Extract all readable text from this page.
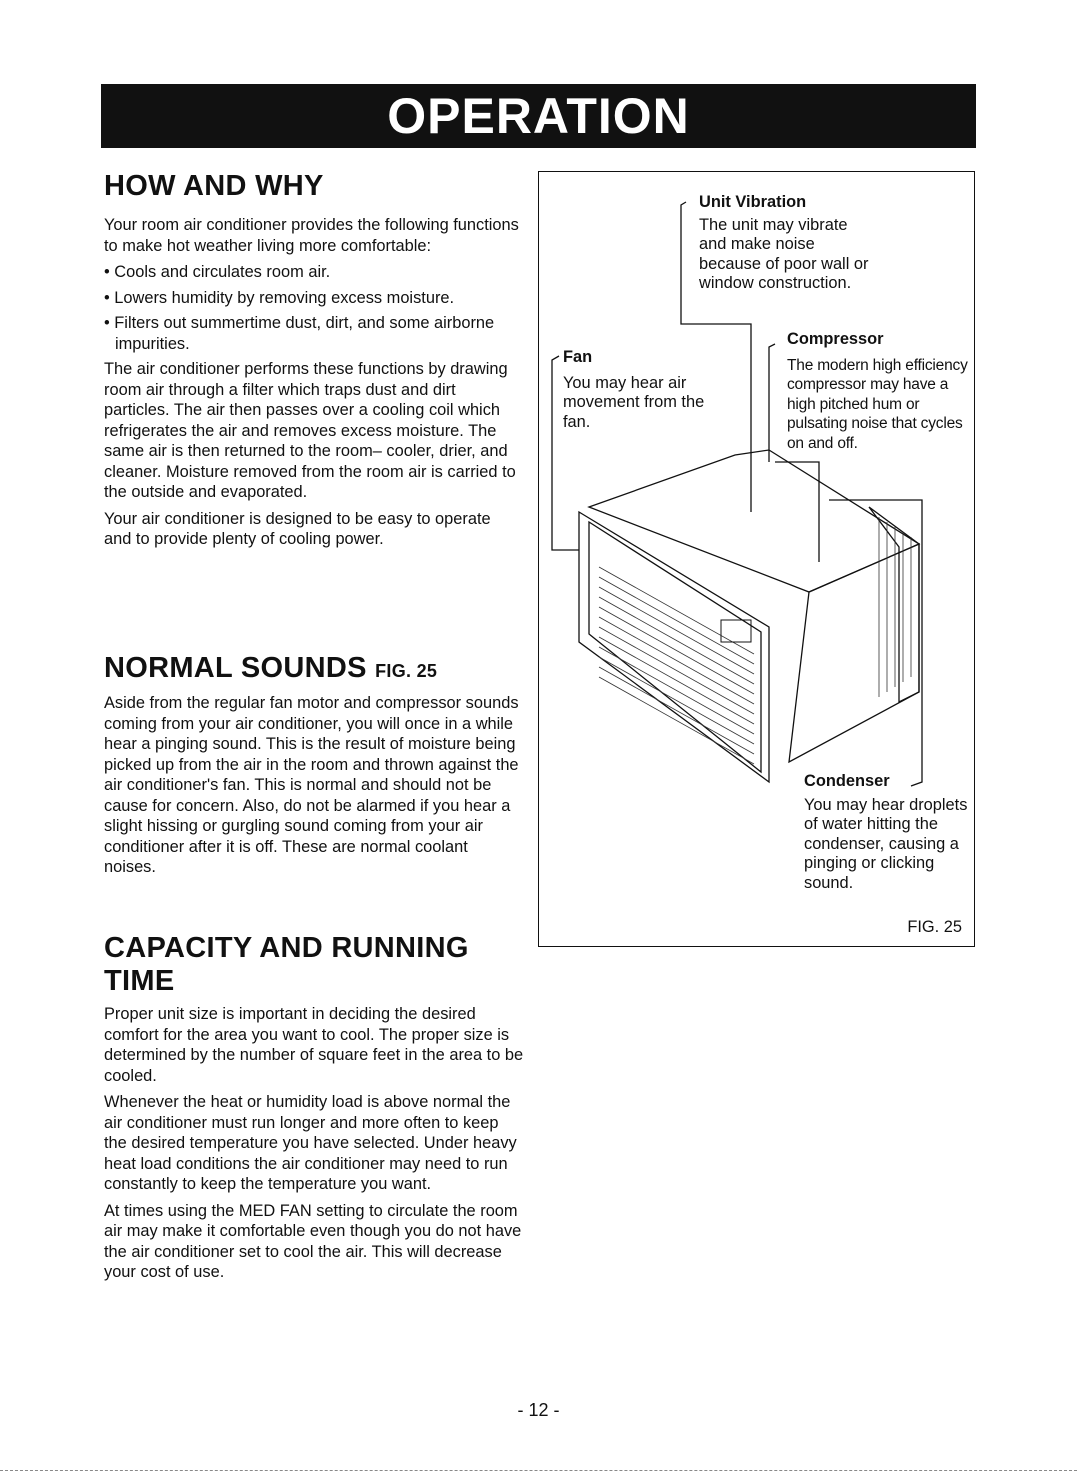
OPERATION
HOW AND WHY

Your room air conditioner provides the following functions to make hot weather living more comfortable:

• Cools and circulates room air.

• Lowers humidity by removing excess moisture.

• Filters out summertime dust, dirt, and some airborne impurities.

The air conditioner performs these functions by drawing room air through a filter which traps dust and dirt particles. The air then passes over a cooling coil which refrigerates the air and removes excess moisture. The same air is then returned to the room– cooler, drier, and cleaner. Moisture removed from the room air is carried to the outside and evaporated.

Your air conditioner is designed to be easy to operate and to provide plenty of cooling power.

NORMAL SOUNDS FIG. 25

Aside from the regular fan motor and compressor sounds coming from your air conditioner, you will once in a while hear a pinging sound. This is the result of moisture being picked up from the air in the room and thrown against the air conditioner's fan. This is normal and should not be cause for concern. Also, do not be alarmed if you hear a slight hissing or gurgling sound coming from your air conditioner after it is off. These are normal coolant noises.

CAPACITY AND RUNNING TIME

Proper unit size is important in deciding the desired comfort for the area you want to cool. The proper size is determined by the number of square feet in the area to be cooled.

Whenever the heat or humidity load is above normal the air conditioner must run longer and more often to keep the desired temperature you have selected. Under heavy heat load conditions the air conditioner may need to run constantly to keep the temperature you want.

At times using the MED FAN setting to circulate the room air may make it comfortable even though you do not have the air conditioner set to cool the air. This will decrease your cost of use.

Unit Vibration
The unit may vibrate and make noise because of poor wall or window construction.
Fan
You may hear air movement from the fan.
Compressor
The modern high efficiency compressor may have a high pitched hum or pulsating noise that cycles on and off.
Condenser
You may hear droplets of water hitting the condenser, causing a pinging or clicking sound.
FIG. 25
- 12 -
